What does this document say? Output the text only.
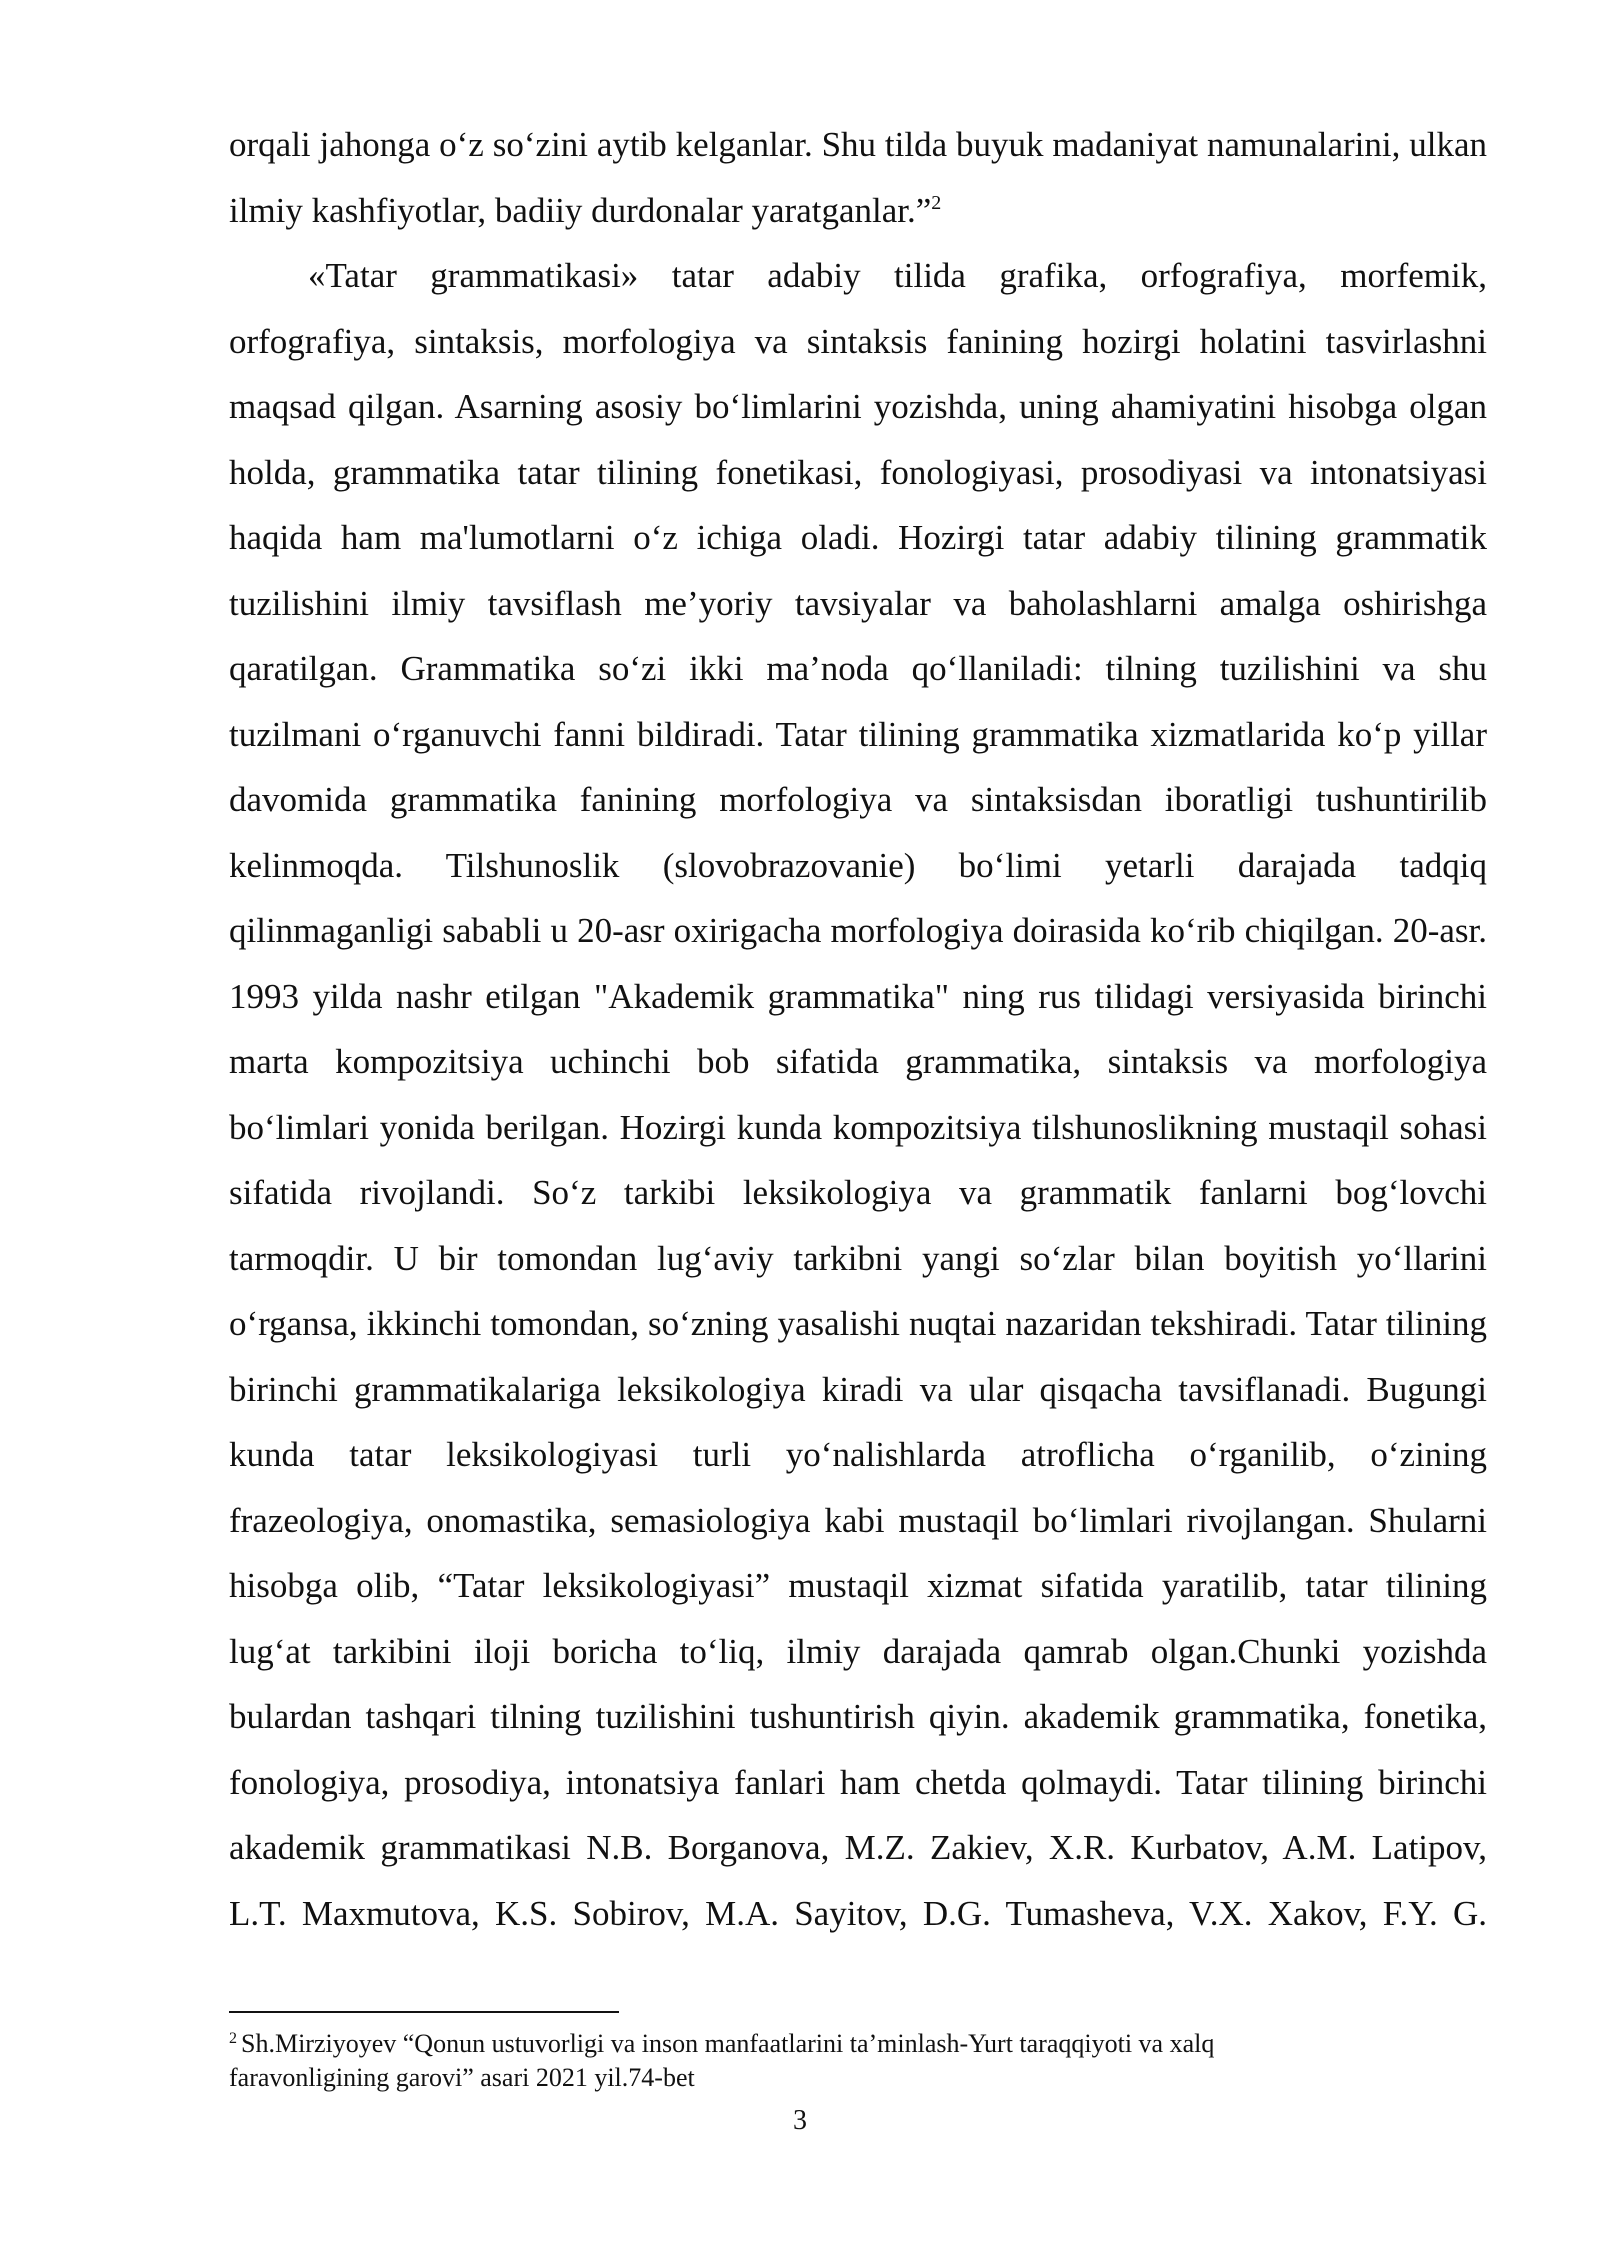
orqali jahonga o‘z so‘zini aytib kelganlar. Shu tilda buyuk madaniyat namunalarini, ulkan ilmiy kashfiyotlar, badiiy durdonalar yaratganlar.”$^2$

«Tatar grammatikasi» tatar adabiy tilida grafika, orfografiya, morfemik, orfografiya, sintaksis, morfologiya va sintaksis fanining hozirgi holatini tasvirlashni maqsad qilgan. Asarning asosiy bo‘limlarini yozishda, uning ahamiyatini hisobga olgan holda, grammatika tatar tilining fonetikasi, fonologiyasi, prosodiyasi va intonatsiyasi haqida ham ma'lumotlarni o‘z ichiga oladi. Hozirgi tatar adabiy tilining grammatik tuzilishini ilmiy tavsiflash me’yoriy tavsiyalar va baholashlarni amalga oshirishga qaratilgan. Grammatika so‘zi ikki ma’noda qo‘llaniladi: tilning tuzilishini va shu tuzilmani o‘rganuvchi fanni bildiradi. Tatar tilining grammatika xizmatlarida ko‘p yillar davomida grammatika fanining morfologiya va sintaksisdan iboratligi tushuntirilib kelinmoqda. Tilshunoslik (slovobrazovanie) bo‘limi yetarli darajada tadqiq qilinmaganligi sababli u 20-asr oxirigacha morfologiya doirasida ko‘rib chiqilgan. 20-asr. 1993 yilda nashr etilgan "Akademik grammatika" ning rus tilidagi versiyasida birinchi marta kompozitsiya uchinchi bob sifatida grammatika, sintaksis va morfologiya bo‘limlari yonida berilgan. Hozirgi kunda kompozitsiya tilshunoslikning mustaqil sohasi sifatida rivojlandi. So‘z tarkibi leksikologiya va grammatik fanlarni bog‘lovchi tarmoqdir. U bir tomondan lug‘aviy tarkibni yangi so‘zlar bilan boyitish yo‘llarini o‘rgansa, ikkinchi tomondan, so‘zning yasalishi nuqtai nazaridan tekshiradi. Tatar tilining birinchi grammatikalariga leksikologiya kiradi va ular qisqacha tavsiflanadi. Bugungi kunda tatar leksikologiyasi turli yo‘nalishlarda atroflicha o‘rganilib, o‘zining frazeologiya, onomastika, semasiologiya kabi mustaqil bo‘limlari rivojlangan. Shularni hisobga olib, “Tatar leksikologiyasi” mustaqil xizmat sifatida yaratilib, tatar tilining lug‘at tarkibini iloji boricha to‘liq, ilmiy darajada qamrab olgan.Chunki yozishda bulardan tashqari tilning tuzilishini tushuntirish qiyin. akademik grammatika, fonetika, fonologiya, prosodiya, intonatsiya fanlari ham chetda qolmaydi. Tatar tilining birinchi akademik grammatikasi N.B. Borganova, M.Z. Zakiev, X.R. Kurbatov, A.M. Latipov, L.T. Maxmutova, K.S. Sobirov, M.A. Sayitov, D.G. Tumasheva, V.X. Xakov, F.Y. G.

$^2$ Sh.Mirziyoyev “Qonun ustuvorligi va inson manfaatlarini ta’minlash-Yurt taraqqiyoti va xalq faravonligining garovi” asari 2021 yil.74-bet

3
